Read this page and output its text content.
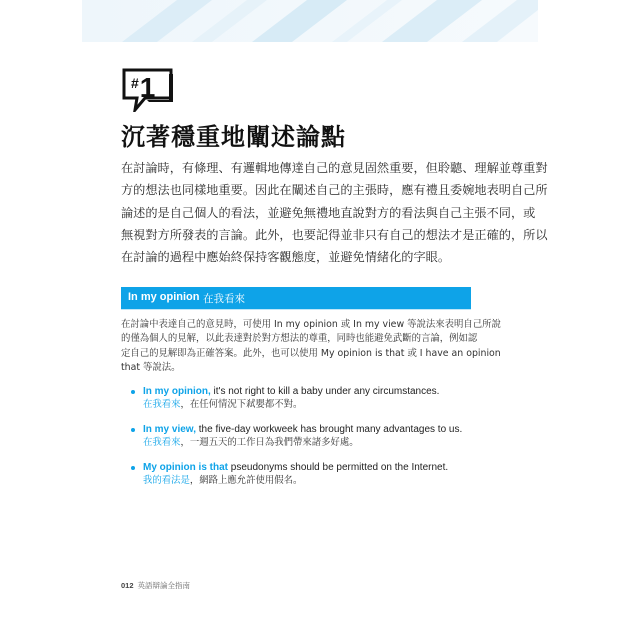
#1
沉著穩重地闡述論點
在討論時，有條理、有邏輯地傳達自己的意見固然重要，但聆聽、理解並尊重對
方的想法也同樣地重要。因此在闡述自己的主張時，應有禮且委婉地表明自己所
論述的是自己個人的看法，並避免無禮地直說對方的看法與自己主張不同，或
無視對方所發表的言論。此外，也要記得並非只有自己的想法才是正確的，所以
在討論的過程中應始終保持客觀態度，並避免情緒化的字眼。
In my opinion 在我看來
在討論中表達自己的意見時，可使用 In my opinion 或 In my view 等說法來表明自己所說
的僅為個人的見解，以此表達對於對方想法的尊重，同時也能避免武斷的言論，例如認
定自己的見解即為正確答案。此外，也可以使用 My opinion is that 或 I have an opinion
that 等說法。
In my opinion, it's not right to kill a baby under any circumstances.
在我看來，在任何情況下弒嬰都不對。
In my view, the five-day workweek has brought many advantages to us.
在我看來，一週五天的工作日為我們帶來諸多好處。
My opinion is that pseudonyms should be permitted on the Internet.
我的看法是，網路上應允許使用假名。
012 英語辯論全指南
